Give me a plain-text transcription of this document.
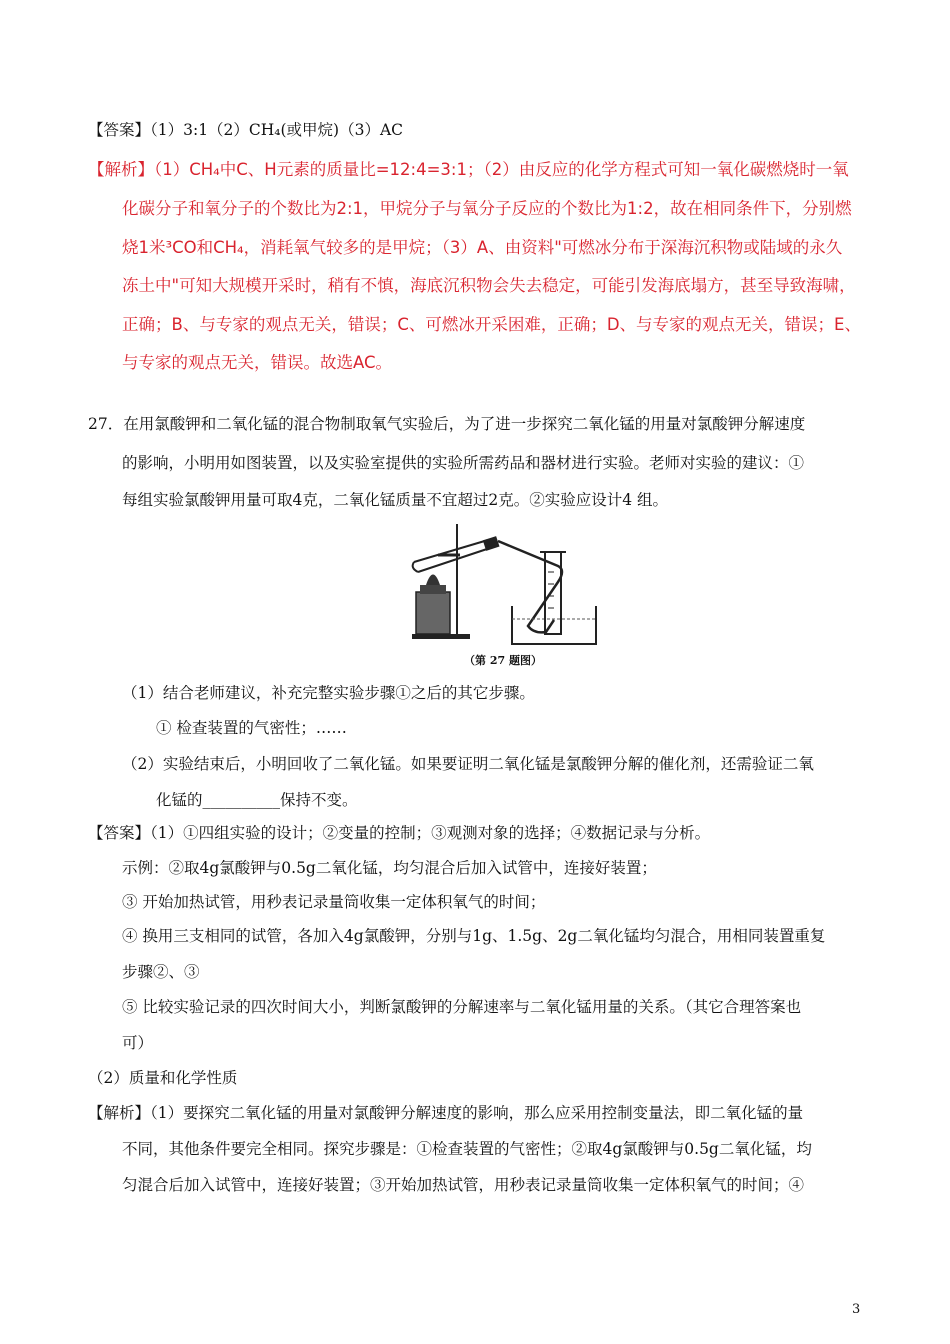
【答案】（1）3:1（2）CH₄(或甲烷)（3）AC
【解析】（1）CH₄中C、H元素的质量比=12:4=3:1；（2）由反应的化学方程式可知一氧化碳燃烧时一氧
化碳分子和氧分子的个数比为2:1，甲烷分子与氧分子反应的个数比为1:2，故在相同条件下，分别燃
烧1米³CO和CH₄，消耗氧气较多的是甲烷；（3）A、由资料"可燃冰分布于深海沉积物或陆域的永久
冻土中"可知大规模开采时，稍有不慎，海底沉积物会失去稳定，可能引发海底塌方，甚至导致海啸，
正确；B、与专家的观点无关，错误；C、可燃冰开采困难，正确；D、与专家的观点无关，错误；E、
与专家的观点无关，错误。故选AC。
27．在用氯酸钾和二氧化锰的混合物制取氧气实验后，为了进一步探究二氧化锰的用量对氯酸钾分解速度
的影响，小明用如图装置，以及实验室提供的实验所需药品和器材进行实验。老师对实验的建议：①
每组实验氯酸钾用量可取4克，二氧化锰质量不宜超过2克。②实验应设计4 组。
（第 27 题图）
（1）结合老师建议，补充完整实验步骤①之后的其它步骤。
① 检查装置的气密性；……
（2）实验结束后，小明回收了二氧化锰。如果要证明二氧化锰是氯酸钾分解的催化剂，还需验证二氧
化锰的__________保持不变。
【答案】（1）①四组实验的设计；②变量的控制；③观测对象的选择；④数据记录与分析。
示例：②取4g氯酸钾与0.5g二氧化锰，均匀混合后加入试管中，连接好装置；
③ 开始加热试管，用秒表记录量筒收集一定体积氧气的时间；
④ 换用三支相同的试管，各加入4g氯酸钾，分别与1g、1.5g、2g二氧化锰均匀混合，用相同装置重复
步骤②、③
⑤ 比较实验记录的四次时间大小，判断氯酸钾的分解速率与二氧化锰用量的关系。（其它合理答案也
可）
（2）质量和化学性质
【解析】（1）要探究二氧化锰的用量对氯酸钾分解速度的影响，那么应采用控制变量法，即二氧化锰的量
不同，其他条件要完全相同。探究步骤是：①检查装置的气密性；②取4g氯酸钾与0.5g二氧化锰，均
匀混合后加入试管中，连接好装置；③开始加热试管，用秒表记录量筒收集一定体积氧气的时间；④
3
